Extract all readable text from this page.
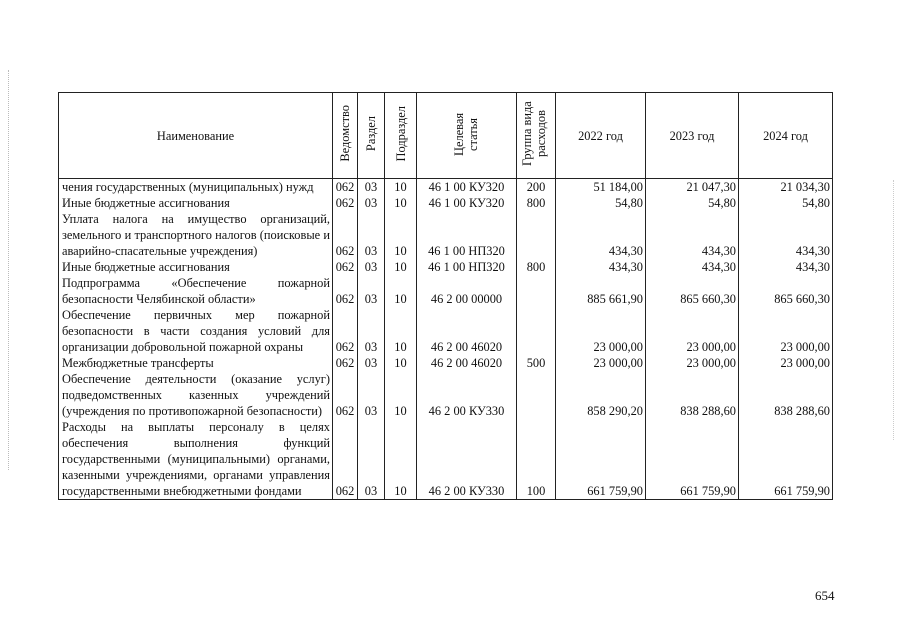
Наименование	Ведомство	Раздел	Подраздел	Целевая статья	Группа вида расходов	2022 год	2023 год	2024 год

чения государственных (муниципальных) нужд	062	03	10	46 1 00 КУ320	200	51 184,00	21 047,30	21 034,30

Иные бюджетные ассигнования	062	03	10	46 1 00 КУ320	800	54,80	54,80	54,80

Уплата налога на имущество организаций, земельного и транспортного налогов (поисковые и аварийно-спасательные учреждения)	062	03	10	46 1 00 НП320		434,30	434,30	434,30

Иные бюджетные ассигнования	062	03	10	46 1 00 НП320	800	434,30	434,30	434,30

Подпрограмма «Обеспечение пожарной безопасности Челябинской области»	062	03	10	46 2 00 00000		885 661,90	865 660,30	865 660,30

Обеспечение первичных мер пожарной безопасности в части создания условий для организации добровольной пожарной охраны	062	03	10	46 2 00 46020		23 000,00	23 000,00	23 000,00

Межбюджетные трансферты	062	03	10	46 2 00 46020	500	23 000,00	23 000,00	23 000,00

Обеспечение деятельности (оказание услуг) подведомственных казенных учреждений (учреждения по противопожарной безопасности)	062	03	10	46 2 00 КУ330		858 290,20	838 288,60	838 288,60

Расходы на выплаты персоналу в целях обеспечения выполнения функций государственными (муниципальными) органами, казенными учреждениями, органами управления государственными внебюджетными фондами	062	03	10	46 2 00 КУ330	100	661 759,90	661 759,90	661 759,90
654
